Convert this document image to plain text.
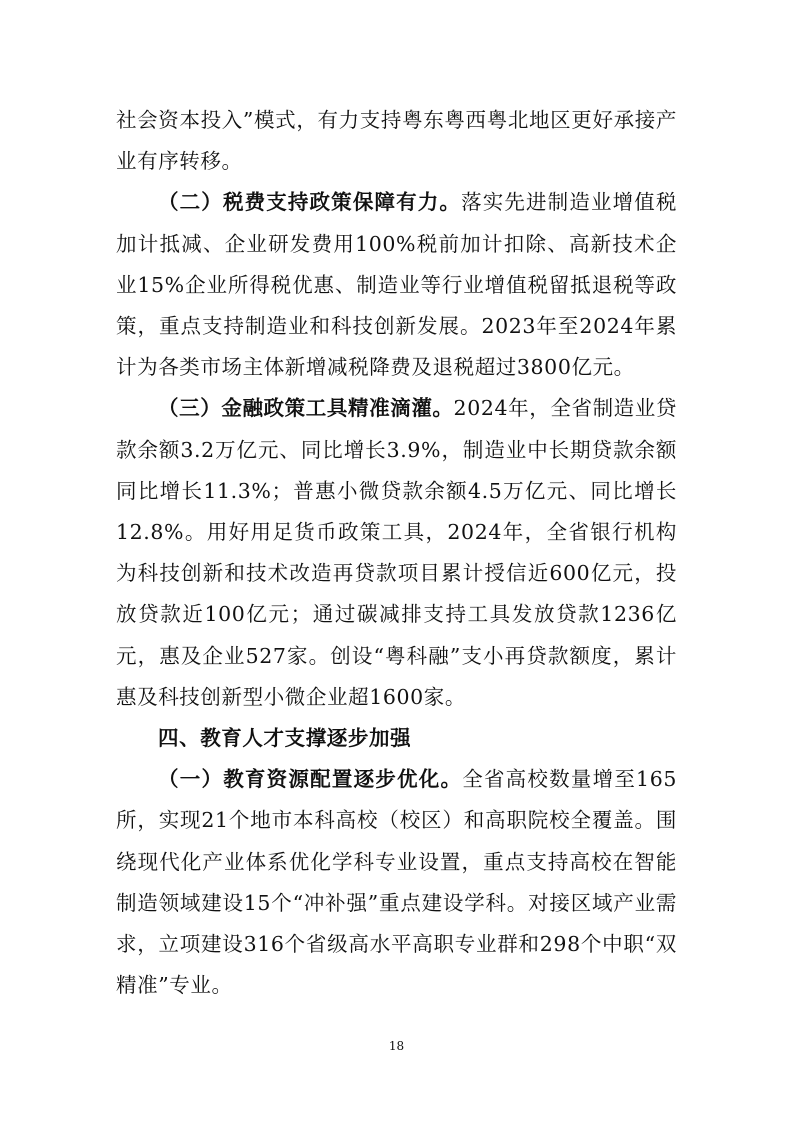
社会资本投入”模式，有力支持粤东粤西粤北地区更好承接产业有序转移。

（二）税费支持政策保障有力。落实先进制造业增值税加计抵减、企业研发费用100%税前加计扣除、高新技术企业15%企业所得税优惠、制造业等行业增值税留抵退税等政策，重点支持制造业和科技创新发展。2023年至2024年累计为各类市场主体新增减税降费及退税超过3800亿元。

（三）金融政策工具精准滴灌。2024年，全省制造业贷款余额3.2万亿元、同比增长3.9%，制造业中长期贷款余额同比增长11.3%；普惠小微贷款余额4.5万亿元、同比增长12.8%。用好用足货币政策工具，2024年，全省银行机构为科技创新和技术改造再贷款项目累计授信近600亿元，投放贷款近100亿元；通过碳减排支持工具发放贷款1236亿元，惠及企业527家。创设“粤科融”支小再贷款额度，累计惠及科技创新型小微企业超1600家。

四、教育人才支撑逐步加强

（一）教育资源配置逐步优化。全省高校数量增至165所，实现21个地市本科高校（校区）和高职院校全覆盖。围绕现代化产业体系优化学科专业设置，重点支持高校在智能制造领域建设15个“冲补强”重点建设学科。对接区域产业需求，立项建设316个省级高水平高职专业群和298个中职“双精准”专业。

18
